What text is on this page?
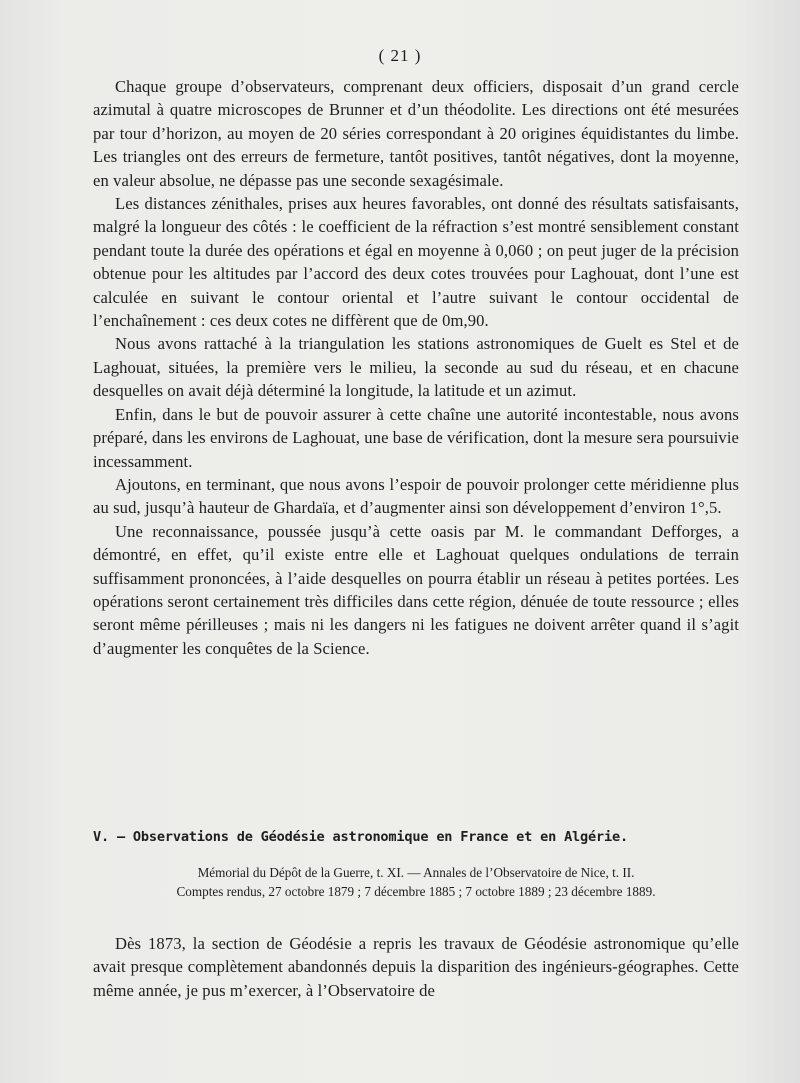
( 21 )

Chaque groupe d’observateurs, comprenant deux officiers, disposait d’un grand cercle azimutal à quatre microscopes de Brunner et d’un théodolite. Les directions ont été mesurées par tour d’horizon, au moyen de 20 séries correspondant à 20 origines équidistantes du limbe. Les triangles ont des erreurs de fermeture, tantôt positives, tantôt négatives, dont la moyenne, en valeur absolue, ne dépasse pas une seconde sexagésimale.

Les distances zénithales, prises aux heures favorables, ont donné des résultats satisfaisants, malgré la longueur des côtés : le coefficient de la réfraction s’est montré sensiblement constant pendant toute la durée des opérations et égal en moyenne à 0,060 ; on peut juger de la précision obtenue pour les altitudes par l’accord des deux cotes trouvées pour Laghouat, dont l’une est calculée en suivant le contour oriental et l’autre suivant le contour occidental de l’enchaînement : ces deux cotes ne diffèrent que de 0m,90.

Nous avons rattaché à la triangulation les stations astronomiques de Guelt es Stel et de Laghouat, situées, la première vers le milieu, la seconde au sud du réseau, et en chacune desquelles on avait déjà déterminé la longitude, la latitude et un azimut.

Enfin, dans le but de pouvoir assurer à cette chaîne une autorité incontestable, nous avons préparé, dans les environs de Laghouat, une base de vérification, dont la mesure sera poursuivie incessamment.

Ajoutons, en terminant, que nous avons l’espoir de pouvoir prolonger cette méridienne plus au sud, jusqu’à hauteur de Ghardaïa, et d’augmenter ainsi son développement d’environ 1°,5.

Une reconnaissance, poussée jusqu’à cette oasis par M. le commandant Defforges, a démontré, en effet, qu’il existe entre elle et Laghouat quelques ondulations de terrain suffisamment prononcées, à l’aide desquelles on pourra établir un réseau à petites portées. Les opérations seront certainement très difficiles dans cette région, dénuée de toute ressource ; elles seront même périlleuses ; mais ni les dangers ni les fatigues ne doivent arrêter quand il s’agit d’augmenter les conquêtes de la Science.

V. — Observations de Géodésie astronomique en France et en Algérie.
Mémorial du Dépôt de la Guerre, t. XI. — Annales de l’Observatoire de Nice, t. II.
Comptes rendus, 27 octobre 1879 ; 7 décembre 1885 ; 7 octobre 1889 ; 23 décembre 1889.

Dès 1873, la section de Géodésie a repris les travaux de Géodésie astronomique qu’elle avait presque complètement abandonnés depuis la disparition des ingénieurs-géographes. Cette même année, je pus m’exercer, à l’Observatoire de
